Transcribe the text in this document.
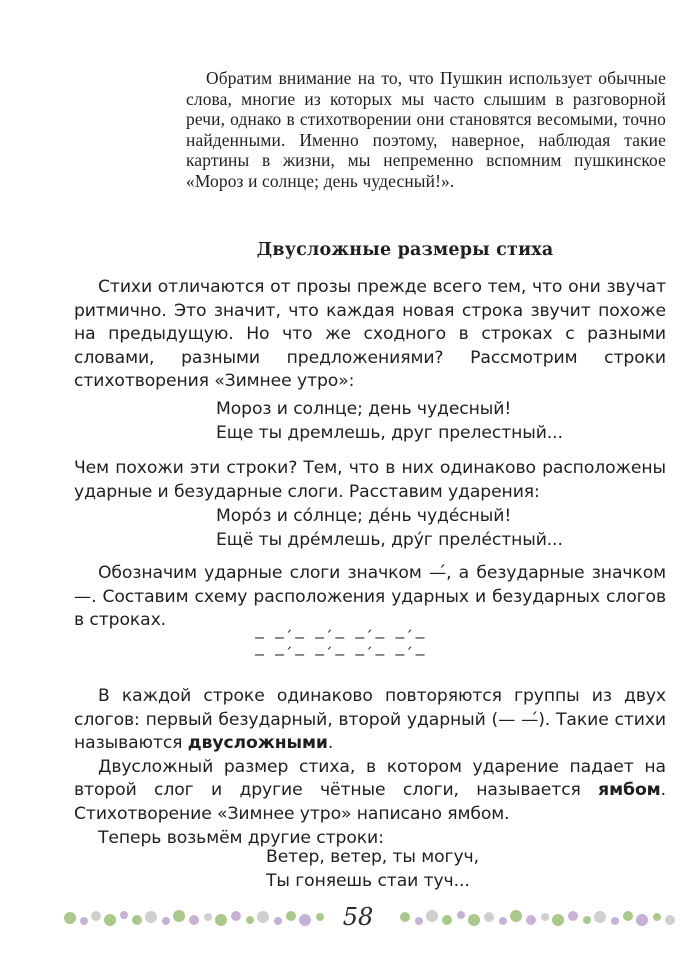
Обратим внимание на то, что Пушкин использует обычные слова, многие из которых мы часто слышим в разговорной речи, однако в стихотворении они становятся весомыми, точно найденными. Именно поэтому, наверное, наблюдая такие картины в жизни, мы непременно вспомним пушкинское «Мороз и солнце; день чудесный!».

Двусложные размеры стиха

Стихи отличаются от прозы прежде всего тем, что они звучат ритмично. Это значит, что каждая новая строка звучит похоже на предыдущую. Но что же сходного в строках с разными словами, разными предложениями? Рассмотрим строки стихотворения «Зимнее утро»:

Мороз и солнце; день чудесный!
Еще ты дремлешь, друг прелестный...

Чем похожи эти строки? Тем, что в них одинаково расположены ударные и безударные слоги. Расставим ударения:

Моро́з и со́лнце; де́нь чуде́сный!
Ещё ты дре́млешь, дру́г преле́стный...

Обозначим ударные слоги значком —́, а безударные значком —. Составим схему расположения ударных и безударных слогов в строках.

— —́ — —́ — —́ — —́ —
— —́ — —́ — —́ — —́ —

В каждой строке одинаково повторяются группы из двух слогов: первый безударный, второй ударный (— —́). Такие стихи называются двусложными.

Двусложный размер стиха, в котором ударение падает на второй слог и другие чётные слоги, называется ямбом. Стихотворение «Зимнее утро» написано ямбом.

Теперь возьмём другие строки:

Ветер, ветер, ты могуч,
Ты гоняешь стаи туч...
58
